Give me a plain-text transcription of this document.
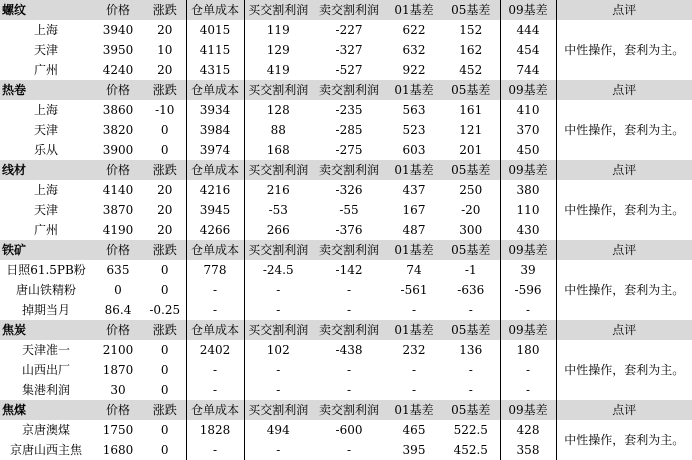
螺纹	价格	涨跌	仓单成本	买交割利润	卖交割利润	01基差	05基差	09基差	点评
上海	3940	20	4015	119	-227	622	152	444	中性操作，套利为主。
天津	3950	10	4115	129	-327	632	162	454	
广州	4240	20	4315	419	-527	922	452	744	
热卷	价格	涨跌	仓单成本	买交割利润	卖交割利润	01基差	05基差	09基差	点评
上海	3860	-10	3934	128	-235	563	161	410	中性操作，套利为主。
天津	3820	0	3984	88	-285	523	121	370	
乐从	3900	0	3974	168	-275	603	201	450	
线材	价格	涨跌	仓单成本	买交割利润	卖交割利润	01基差	05基差	09基差	点评
上海	4140	20	4216	216	-326	437	250	380	中性操作，套利为主。
天津	3870	20	3945	-53	-55	167	-20	110	
广州	4190	20	4266	266	-376	487	300	430	
铁矿	价格	涨跌	仓单成本	买交割利润	卖交割利润	01基差	05基差	09基差	点评
日照61.5PB粉	635	0	778	-24.5	-142	74	-1	39	中性操作，套利为主。
唐山铁精粉	0	0	-	-	-	-561	-636	-596	
掉期当月	86.4	-0.25	-	-	-	-	-	-	
焦炭	价格	涨跌	仓单成本	买交割利润	卖交割利润	01基差	05基差	09基差	点评
天津准一	2100	0	2402	102	-438	232	136	180	中性操作，套利为主。
山西出厂	1870	0	-	-	-	-	-	-	
集港利润	30	0	-	-	-	-	-	-	
焦煤	价格	涨跌	仓单成本	买交割利润	卖交割利润	01基差	05基差	09基差	点评
京唐澳煤	1750	0	1828	494	-600	465	522.5	428	中性操作，套利为主。
京唐山西主焦	1680	0	-	-	-	395	452.5	358	
